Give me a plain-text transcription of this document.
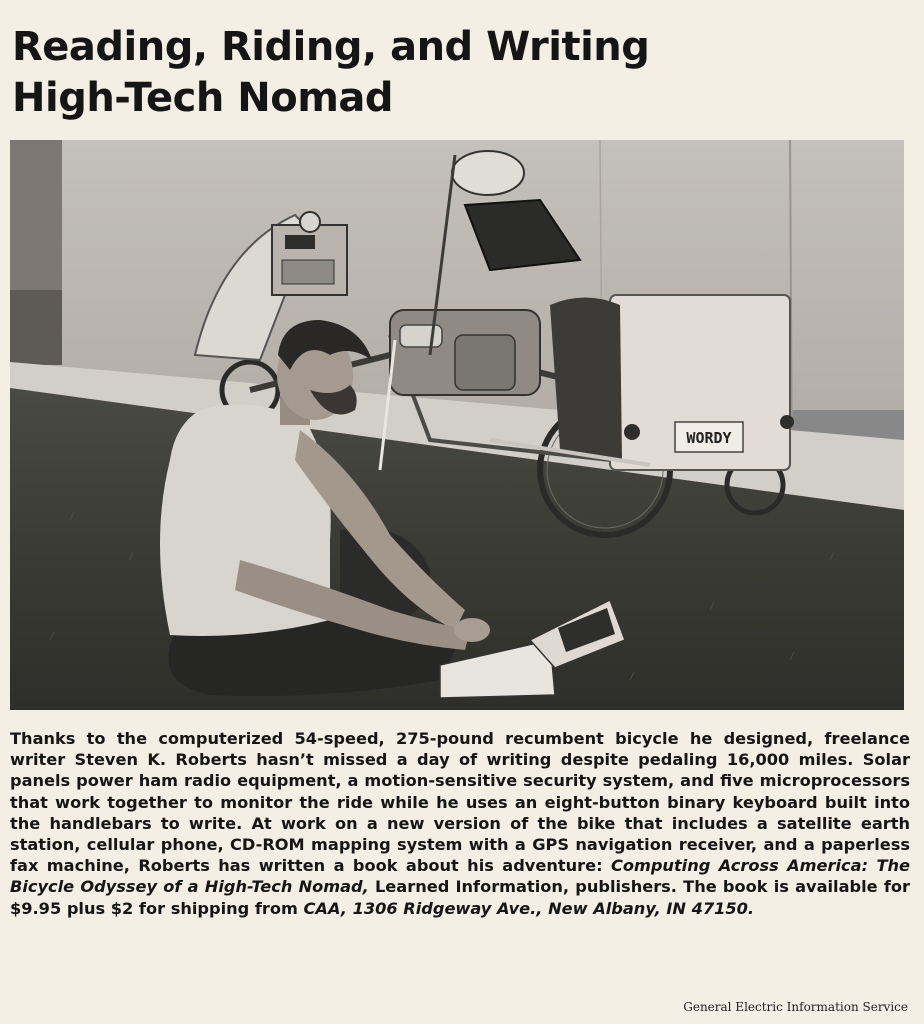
Reading, Riding, and Writing
High-Tech Nomad
WORDY
Thanks to the computerized 54-speed, 275-pound recumbent bicycle he designed, freelance writer Steven K. Roberts hasn’t missed a day of writing despite pedaling 16,000 miles. Solar panels power ham radio equipment, a motion-sensitive security system, and five microprocessors that work together to monitor the ride while he uses an eight-button binary keyboard built into the handlebars to write. At work on a new version of the bike that includes a satellite earth station, cellular phone, CD-ROM mapping system with a GPS navigation receiver, and a paperless fax machine, Roberts has written a book about his adventure: Computing Across America: The Bicycle Odyssey of a High-Tech Nomad, Learned Information, publishers. The book is available for $9.95 plus $2 for shipping from CAA, 1306 Ridgeway Ave., New Albany, IN 47150.
General Electric Information Service
